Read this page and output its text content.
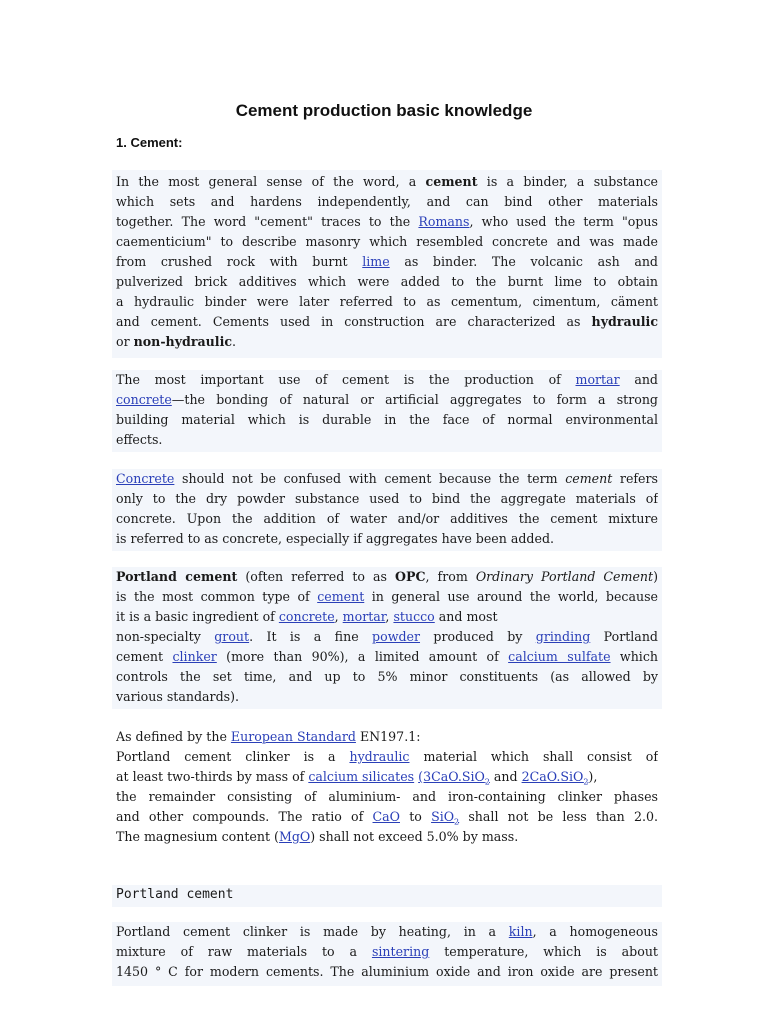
Cement production basic knowledge
1. Cement:
In the most general sense of the word, a cement is a binder, a substance
which sets and hardens independently, and can bind other materials
together. The word "cement" traces to the Romans, who used the term "opus
caementicium" to describe masonry which resembled concrete and was made
from crushed rock with burnt lime as binder. The volcanic ash and
pulverized brick additives which were added to the burnt lime to obtain
a hydraulic binder were later referred to as cementum, cimentum, cäment
and cement. Cements used in construction are characterized as hydraulic
or non-hydraulic.
The most important use of cement is the production of mortar and
concrete—the bonding of natural or artificial aggregates to form a strong
building material which is durable in the face of normal environmental
effects.
Concrete should not be confused with cement because the term cement refers
only to the dry powder substance used to bind the aggregate materials of
concrete. Upon the addition of water and/or additives the cement mixture
is referred to as concrete, especially if aggregates have been added.
Portland cement (often referred to as OPC, from Ordinary Portland Cement)
is the most common type of cement in general use around the world, because
it is a basic ingredient of concrete, mortar, stucco and most
non-specialty grout. It is a fine powder produced by grinding Portland
cement clinker (more than 90%), a limited amount of calcium sulfate which
controls the set time, and up to 5% minor constituents (as allowed by
various standards).
As defined by the European Standard EN197.1:
Portland cement clinker is a hydraulic material which shall consist of
at least two-thirds by mass of calcium silicates (3CaO.SiO$_2$ and 2CaO.SiO$_2$),
the remainder consisting of aluminium- and iron-containing clinker phases
and other compounds. The ratio of CaO to SiO$_2$ shall not be less than 2.0.
The magnesium content (MgO) shall not exceed 5.0% by mass.
Portland cement
Portland cement clinker is made by heating, in a kiln, a homogeneous
mixture of raw materials to a sintering temperature, which is about
1450 ° C for modern cements. The aluminium oxide and iron oxide are present
